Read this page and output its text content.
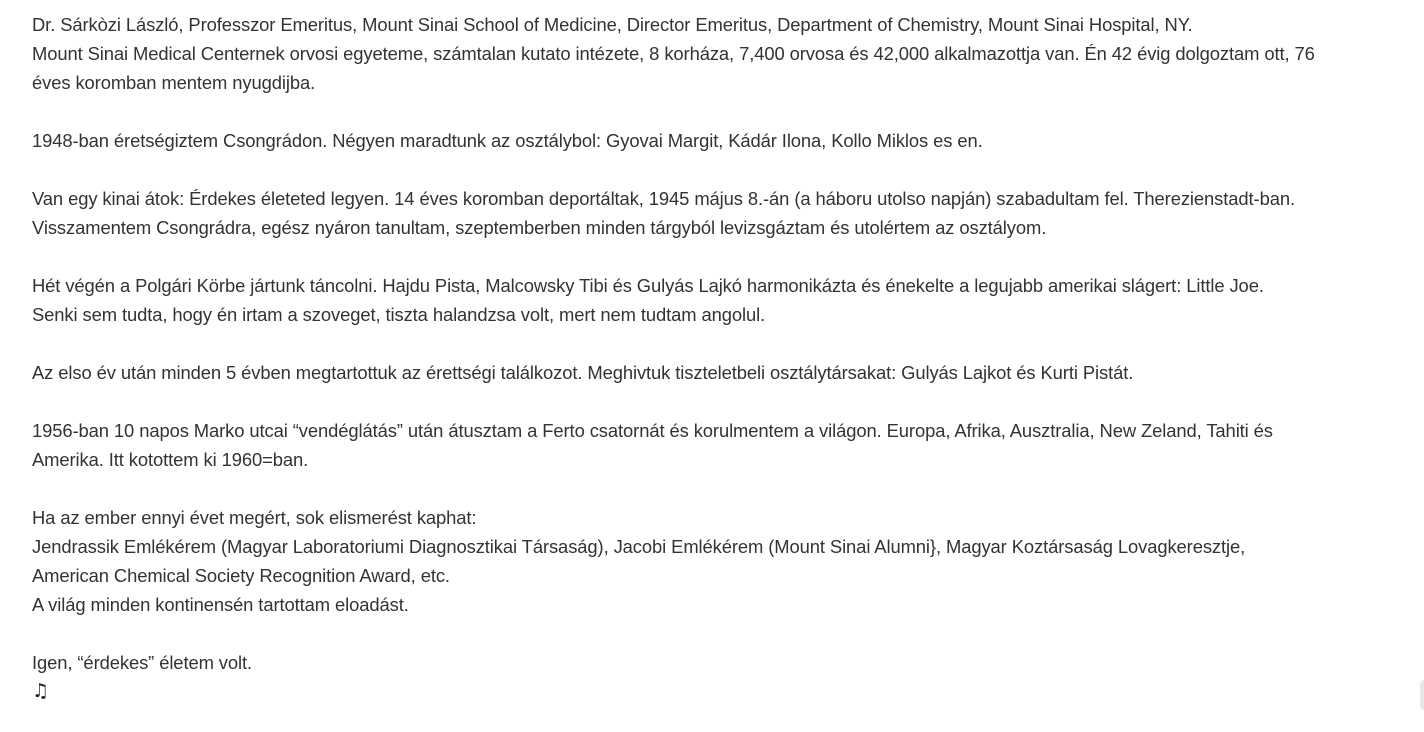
Dr. Sárkòzi László, Professzor Emeritus, Mount Sinai School of Medicine, Director Emeritus, Department of Chemistry, Mount Sinai Hospital, NY.
Mount Sinai Medical Centernek orvosi egyeteme, számtalan kutato intézete, 8 korháza, 7,400 orvosa és 42,000 alkalmazottja van. Én 42 évig dolgoztam ott, 76
éves koromban mentem nyugdijba.
1948-ban éretségiztem Csongrádon. Négyen maradtunk az osztálybol: Gyovai Margit, Kádár Ilona, Kollo Miklos es en.
Van egy kinai átok: Érdekes életeted legyen. 14 éves koromban deportáltak, 1945 május 8.-án (a háboru utolso napján) szabadultam fel. Therezienstadt-ban.
Visszamentem Csongrádra, egész nyáron tanultam, szeptemberben minden tárgyból levizsgáztam és utolértem az osztályom.
Hét végén a Polgári Körbe jártunk táncolni. Hajdu Pista, Malcowsky Tibi és Gulyás Lajkó harmonikázta és énekelte a legujabb amerikai slágert: Little Joe.
Senki sem tudta, hogy én irtam a szoveget, tiszta halandzsa volt, mert nem tudtam angolul.
Az elso év után minden 5 évben megtartottuk az érettségi találkozot. Meghivtuk tiszteletbeli osztálytársakat: Gulyás Lajkot és Kurti Pistát.
1956-ban 10 napos Marko utcai “vendéglátás” után átusztam a Ferto csatornát és korulmentem a világon. Europa, Afrika, Ausztralia, New Zeland, Tahiti és
Amerika. Itt kotottem ki 1960=ban.
Ha az ember ennyi évet megért, sok elismerést kaphat:
Jendrassik Emlékérem (Magyar Laboratoriumi Diagnosztikai Társaság), Jacobi Emlékérem (Mount Sinai Alumni}, Magyar Koztársaság Lovagkeresztje,
American Chemical Society Recognition Award, etc.
A világ minden kontinensén tartottam eloadást.
Igen, “érdekes” életem volt.
♫
